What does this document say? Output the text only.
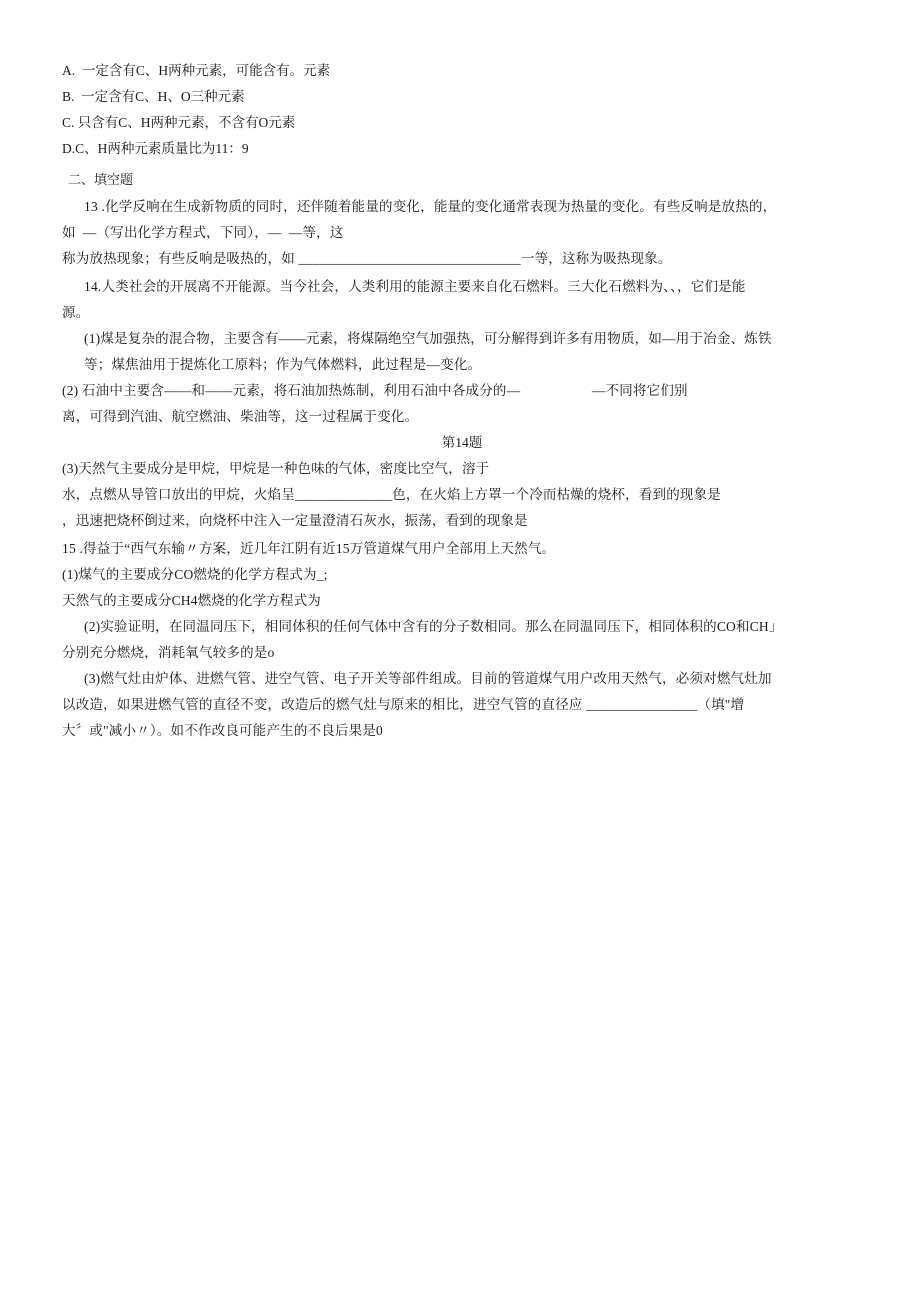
A.  一定含有C、H两种元素，可能含有。元素
B.  一定含有C、H、O三种元素
C. 只含有C、H两种元素，不含有O元素
D.C、H两种元素质量比为11：9
二、填空题
13 .化学反响在生成新物质的同时，还伴随着能量的变化，能量的变化通常表现为热量的变化。有些反响是放热的，
如  —（写出化学方程式，下同），—  —等，这
称为放热现象；有些反响是吸热的，如 ________________________________一等，这称为吸热现象。
14.人类社会的开展离不开能源。当今社会，人类利用的能源主要来自化石燃料。三大化石燃料为、、，它们是能
源。
(1)煤是复杂的混合物，主要含有——元素，将煤隔绝空气加强热，可分解得到许多有用物质，如—用于冶金、炼铁
等；煤焦油用于提炼化工原料；作为气体燃料，此过程是—变化。
(2) 石油中主要含——和——元素，将石油加热炼制，利用石油中各成分的—                    —不同将它们别
离，可得到汽油、航空燃油、柴油等，这一过程属于变化。
第14题
(3)天然气主要成分是甲烷，甲烷是一种色味的气体，密度比空气，溶于
水，点燃从导管口放出的甲烷，火焰呈______________色，在火焰上方罩一个冷而枯燥的烧杯，看到的现象是
，迅速把烧杯倒过来，向烧杯中注入一定量澄清石灰水，振荡，看到的现象是
15 .得益于“西气东输〃方案，近几年江阴有近15万管道煤气用户全部用上天然气。
(1)煤气的主要成分CO燃烧的化学方程式为_;
天然气的主要成分CH4燃烧的化学方程式为
(2)实验证明，在同温同压下，相同体积的任何气体中含有的分子数相同。那么在同温同压下，相同体积的CO和CH」
分别充分燃烧，消耗氧气较多的是o
(3)燃气灶由炉体、进燃气管、进空气管、电子开关等部件组成。目前的管道煤气用户改用天然气，必须对燃气灶加
以改造，如果进燃气管的直径不变，改造后的燃气灶与原来的相比，进空气管的直径应 ________________（填"增
大〞或"减小〃）。如不作改良可能产生的不良后果是0
